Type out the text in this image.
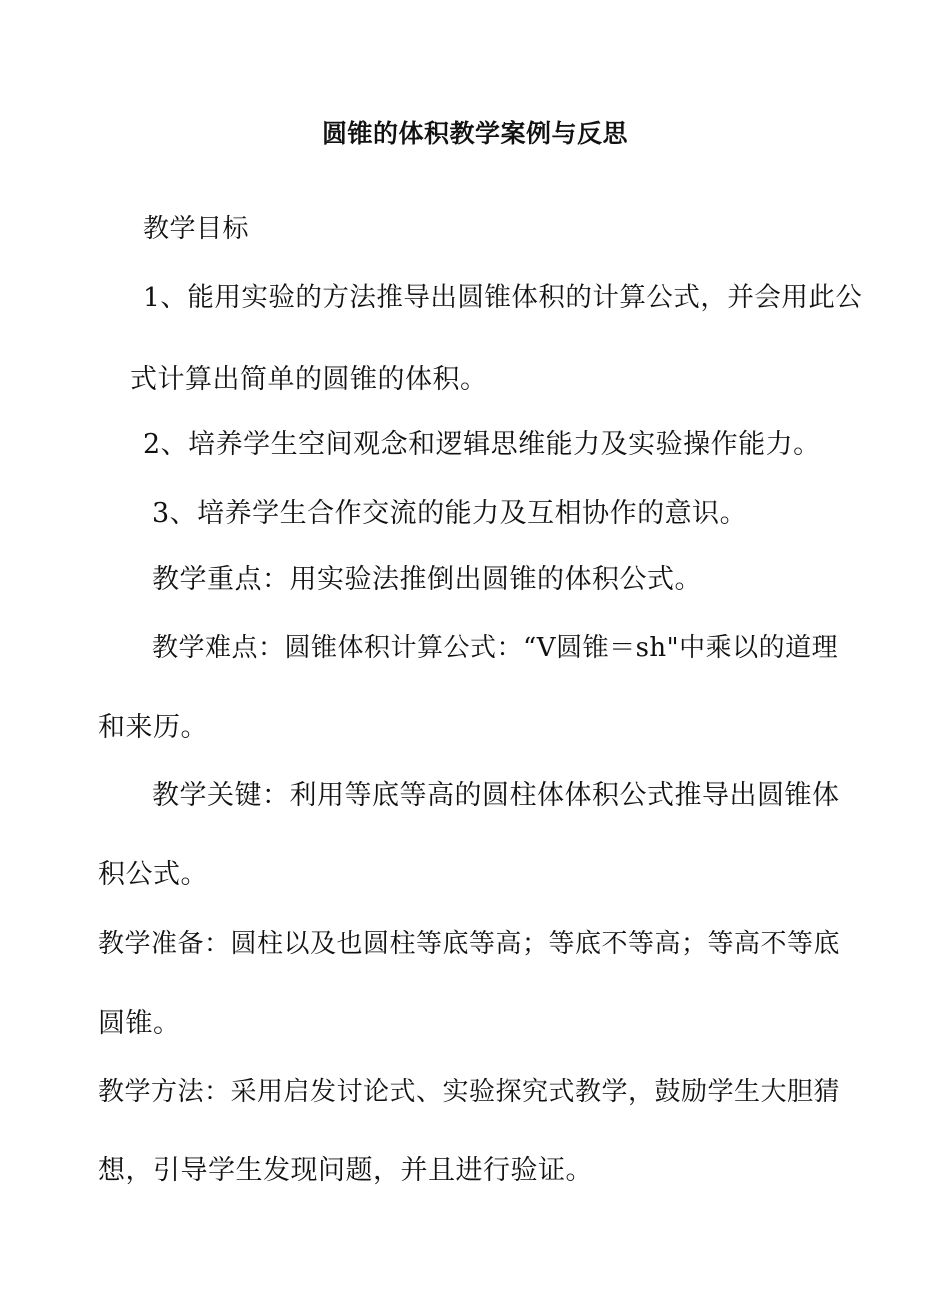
圆锥的体积教学案例与反思
教学目标
1、能用实验的方法推导出圆锥体积的计算公式，并会用此公
式计算出简单的圆锥的体积。
2、培养学生空间观念和逻辑思维能力及实验操作能力。
3、培养学生合作交流的能力及互相协作的意识。
教学重点：用实验法推倒出圆锥的体积公式。
教学难点：圆锥体积计算公式：“V圆锥＝sh"中乘以的道理
和来历。
教学关键：利用等底等高的圆柱体体积公式推导出圆锥体
积公式。
教学准备：圆柱以及也圆柱等底等高；等底不等高；等高不等底
圆锥。
教学方法：采用启发讨论式、实验探究式教学，鼓励学生大胆猜
想，引导学生发现问题，并且进行验证。
